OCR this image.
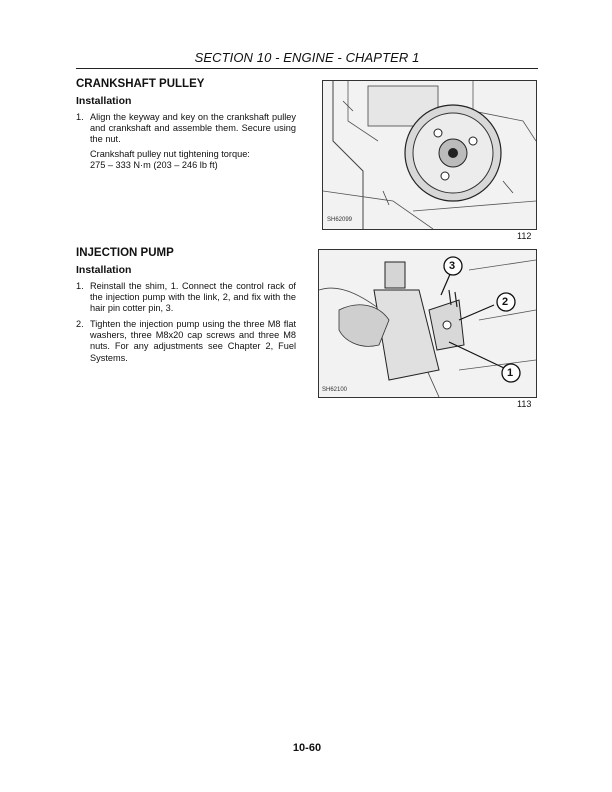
SECTION 10 - ENGINE - CHAPTER 1
CRANKSHAFT PULLEY
Installation
1. Align the keyway and key on the crankshaft pulley and crankshaft and assemble them. Secure using the nut.
Crankshaft pulley nut tightening torque:
275 – 333 N·m (203 – 246 lb ft)
SH62099
112
INJECTION PUMP
Installation
1. Reinstall the shim, 1. Connect the control rack of the injection pump with the link, 2, and fix with the hair pin cotter pin, 3.
2. Tighten the injection pump using the three M8 flat washers, three M8x20 cap screws and three M8 nuts. For any adjustments see Chapter 2, Fuel Systems.
3
2
1
SH62100
113
10-60
